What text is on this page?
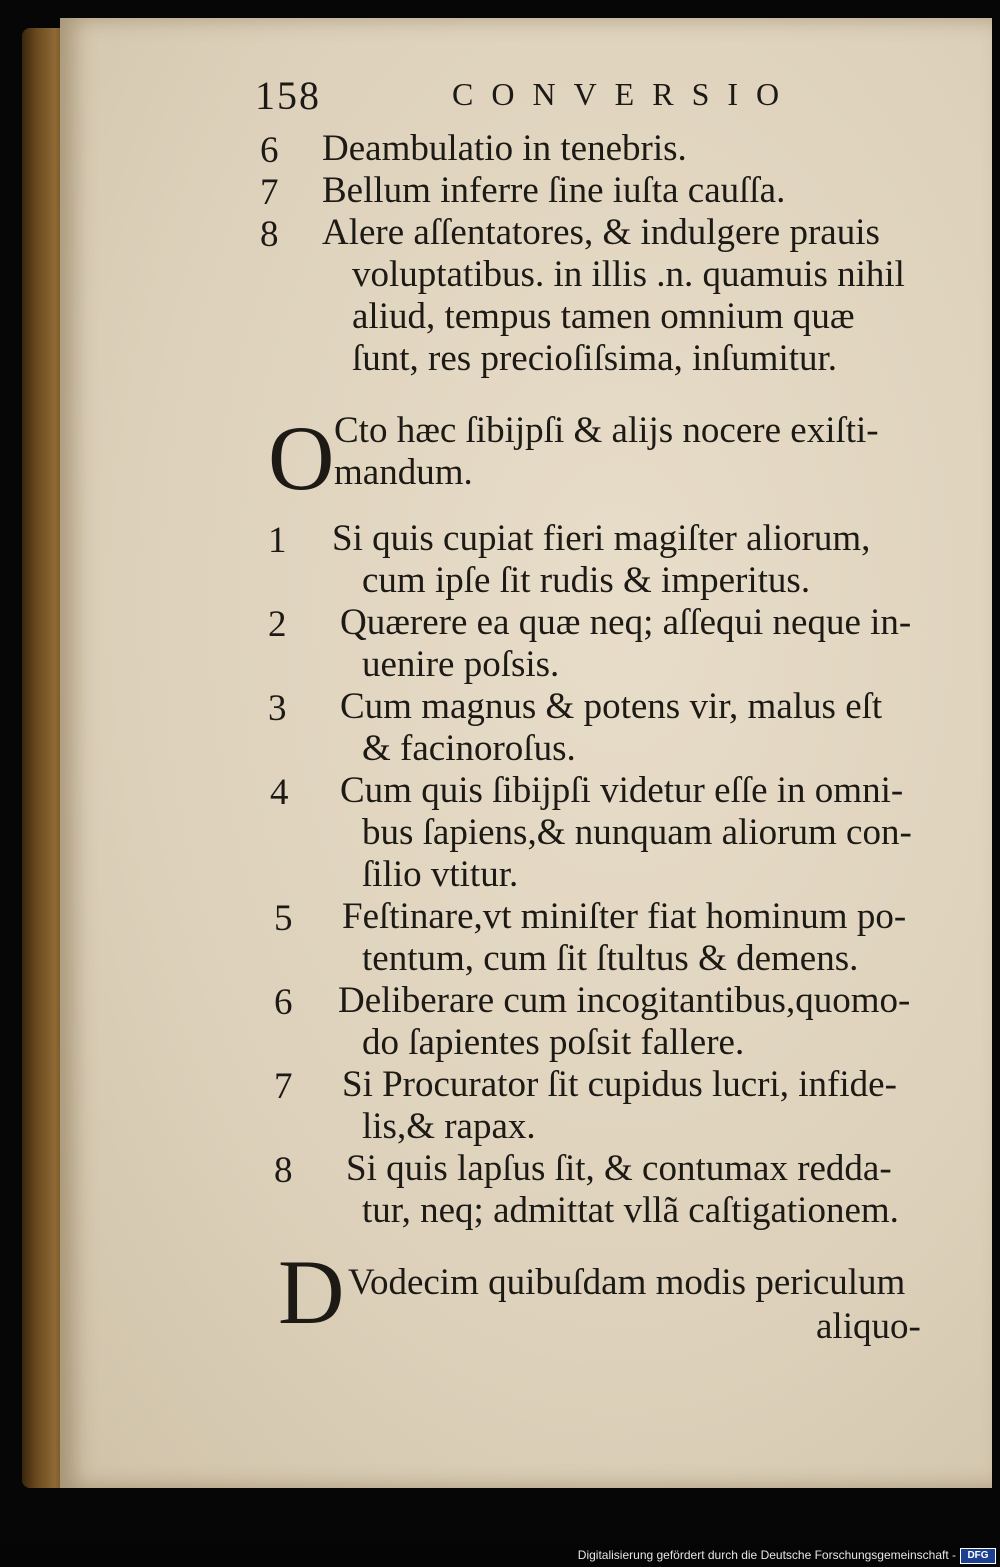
158	CONVERSIO
6 Deambulatio in tenebris.
7 Bellum inferre ſine iuſta cauſſa.
8 Alere aſſentatores, & indulgere prauis
voluptatibus. in illis .n. quamuis nihil
aliud, tempus tamen omnium quæ
ſunt, res precioſiſsima, inſumitur.
O Cto hæc ſibijpſi & alijs nocere exiſti-
mandum.
1 Si quis cupiat fieri magiſter aliorum,
cum ipſe ſit rudis & imperitus.
2 Quærere ea quæ neq; aſſequi neque in-
uenire poſsis.
3 Cum magnus & potens vir, malus eſt
& facinoroſus.
4 Cum quis ſibijpſi videtur eſſe in omni-
bus ſapiens,& nunquam aliorum con-
ſilio vtitur.
5 Feſtinare,vt miniſter fiat hominum po-
tentum, cum ſit ſtultus & demens.
6 Deliberare cum incogitantibus,quomo-
do ſapientes poſsit fallere.
7 Si Procurator ſit cupidus lucri, infide-
lis,& rapax.
8 Si quis lapſus ſit, & contumax redda-
tur, neq; admittat vllã caſtigationem.
D Vodecim quibuſdam modis periculum
aliquo-
Digitalisierung gefördert durch die Deutsche Forschungsgemeinschaft -	DFG
